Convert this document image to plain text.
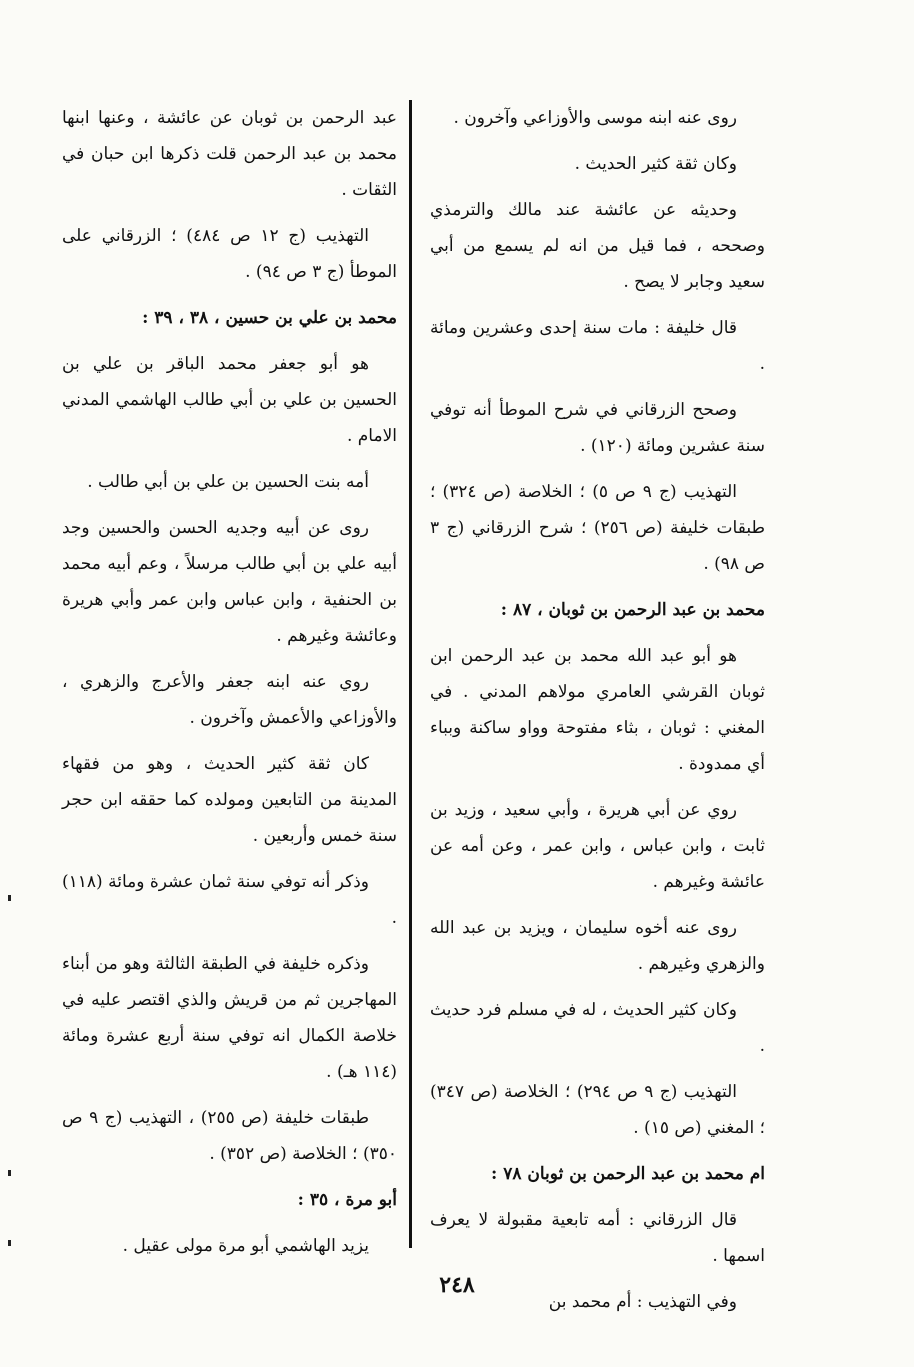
روى عنه ابنه موسى والأوزاعي وآخرون .

وكان ثقة كثير الحديث .

وحديثه عن عائشة عند مالك والترمذي وصححه ، فما قيل من انه لم يسمع من أبي سعيد وجابر لا يصح .

قال خليفة : مات سنة إحدى وعشرين ومائة .

وصحح الزرقاني في شرح الموطأ أنه توفي سنة عشرين ومائة (١٢٠) .

التهذيب (ج ٩ ص ٥) ؛ الخلاصة (ص ٣٢٤) ؛ طبقات خليفة (ص ٢٥٦) ؛ شرح الزرقاني (ج ٣ ص ٩٨) .

محمد بن عبد الرحمن بن ثوبان ، ٨٧ :

هو أبو عبد الله محمد بن عبد الرحمن ابن ثوبان القرشي العامري مولاهم المدني . في المغني : ثوبان ، بثاء مفتوحة وواو ساكنة وبباء أي ممدودة .

روي عن أبي هريرة ، وأبي سعيد ، وزيد بن ثابت ، وابن عباس ، وابن عمر ، وعن أمه عن عائشة وغيرهم .

روى عنه أخوه سليمان ، ويزيد بن عبد الله والزهري وغيرهم .

وكان كثير الحديث ، له في مسلم فرد حديث .

التهذيب (ج ٩ ص ٢٩٤) ؛ الخلاصة (ص ٣٤٧) ؛ المغني (ص ١٥) .

ام محمد بن عبد الرحمن بن ثوبان ٧٨ :

قال الزرقاني : أمه تابعية مقبولة لا يعرف اسمها .

وفي التهذيب : أم محمد بن

عبد الرحمن بن ثوبان عن عائشة ، وعنها ابنها محمد بن عبد الرحمن قلت ذكرها ابن حبان في الثقات .

التهذيب (ج ١٢ ص ٤٨٤) ؛ الزرقاني على الموطأ (ج ٣ ص ٩٤) .

محمد بن علي بن حسين ، ٣٨ ، ٣٩ :

هو أبو جعفر محمد الباقر بن علي بن الحسين بن علي بن أبي طالب الهاشمي المدني الامام .

أمه بنت الحسين بن علي بن أبي طالب .

روى عن أبيه وجديه الحسن والحسين وجد أبيه علي بن أبي طالب مرسلاً ، وعم أبيه محمد بن الحنفية ، وابن عباس وابن عمر وأبي هريرة وعائشة وغيرهم .

روي عنه ابنه جعفر والأعرج والزهري ، والأوزاعي والأعمش وآخرون .

كان ثقة كثير الحديث ، وهو من فقهاء المدينة من التابعين ومولده كما حققه ابن حجر سنة خمس وأربعين .

وذكر أنه توفي سنة ثمان عشرة ومائة (١١٨) .

وذكره خليفة في الطبقة الثالثة وهو من أبناء المهاجرين ثم من قريش والذي اقتصر عليه في خلاصة الكمال انه توفي سنة أربع عشرة ومائة (١١٤ هـ) .

طبقات خليفة (ص ٢٥٥) ، التهذيب (ج ٩ ص ٣٥٠) ؛ الخلاصة (ص ٣٥٢) .

أبو مرة ، ٣٥ :

يزيد الهاشمي أبو مرة مولى عقيل .

٢٤٨
